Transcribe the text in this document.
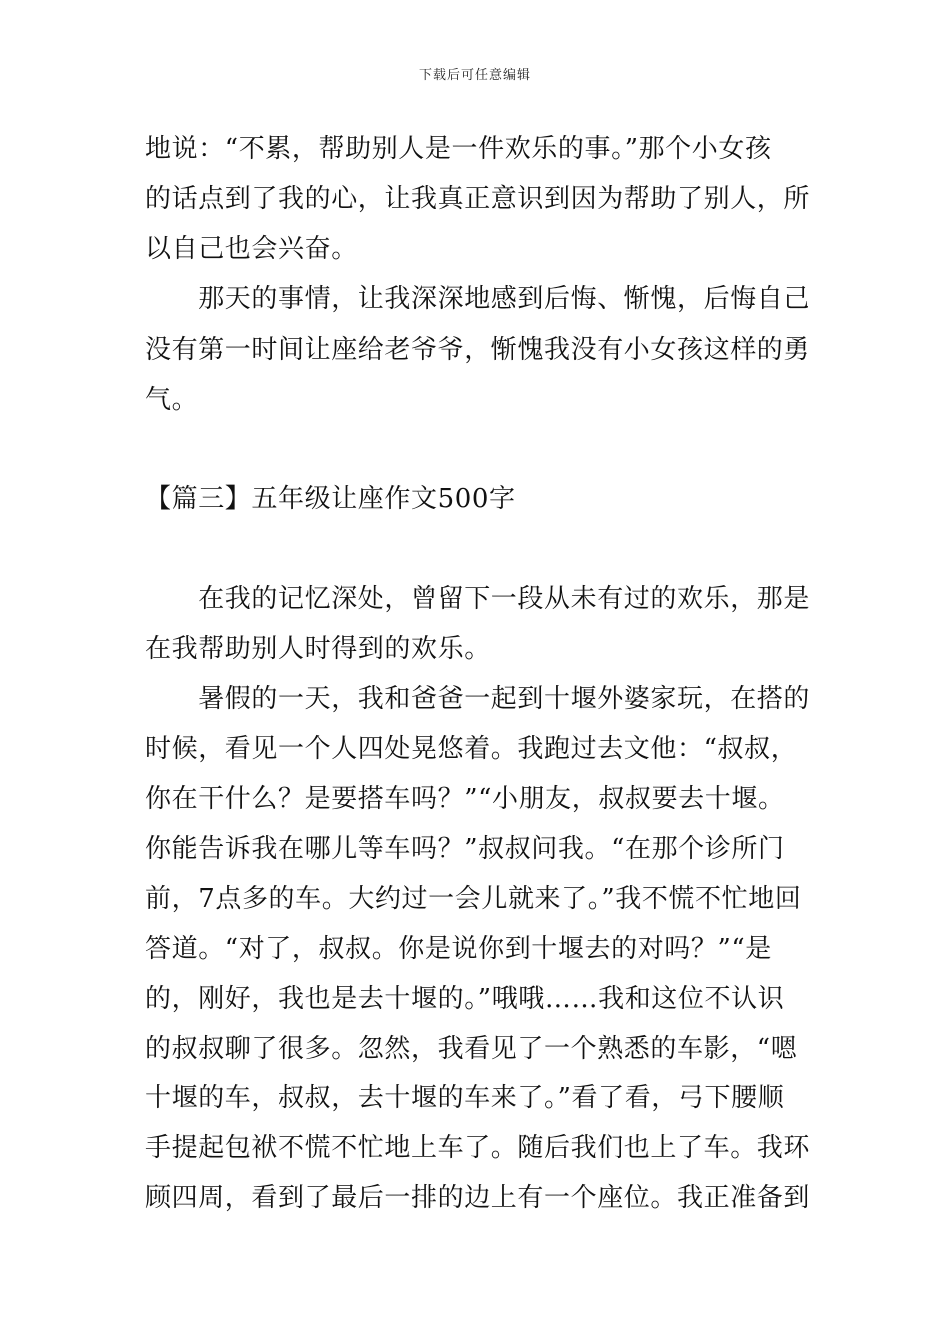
下载后可任意编辑
地说：“不累，帮助别人是一件欢乐的事。”那个小女孩
的话点到了我的心，让我真正意识到因为帮助了别人，所
以自己也会兴奋。
　　那天的事情，让我深深地感到后悔、惭愧，后悔自己
没有第一时间让座给老爷爷，惭愧我没有小女孩这样的勇
气。
【篇三】五年级让座作文500字
　　在我的记忆深处，曾留下一段从未有过的欢乐，那是
在我帮助别人时得到的欢乐。
　　暑假的一天，我和爸爸一起到十堰外婆家玩，在搭的
时候，看见一个人四处晃悠着。我跑过去文他：“叔叔，
你在干什么？是要搭车吗？”“小朋友，叔叔要去十堰。
你能告诉我在哪儿等车吗？”叔叔问我。“在那个诊所门
前，7点多的车。大约过一会儿就来了。”我不慌不忙地回
答道。“对了，叔叔。你是说你到十堰去的对吗？”“是
的，刚好，我也是去十堰的。”哦哦……我和这位不认识
的叔叔聊了很多。忽然，我看见了一个熟悉的车影，“嗯
十堰的车，叔叔，去十堰的车来了。”看了看，弓下腰顺
手提起包袱不慌不忙地上车了。随后我们也上了车。我环
顾四周，看到了最后一排的边上有一个座位。我正准备到
